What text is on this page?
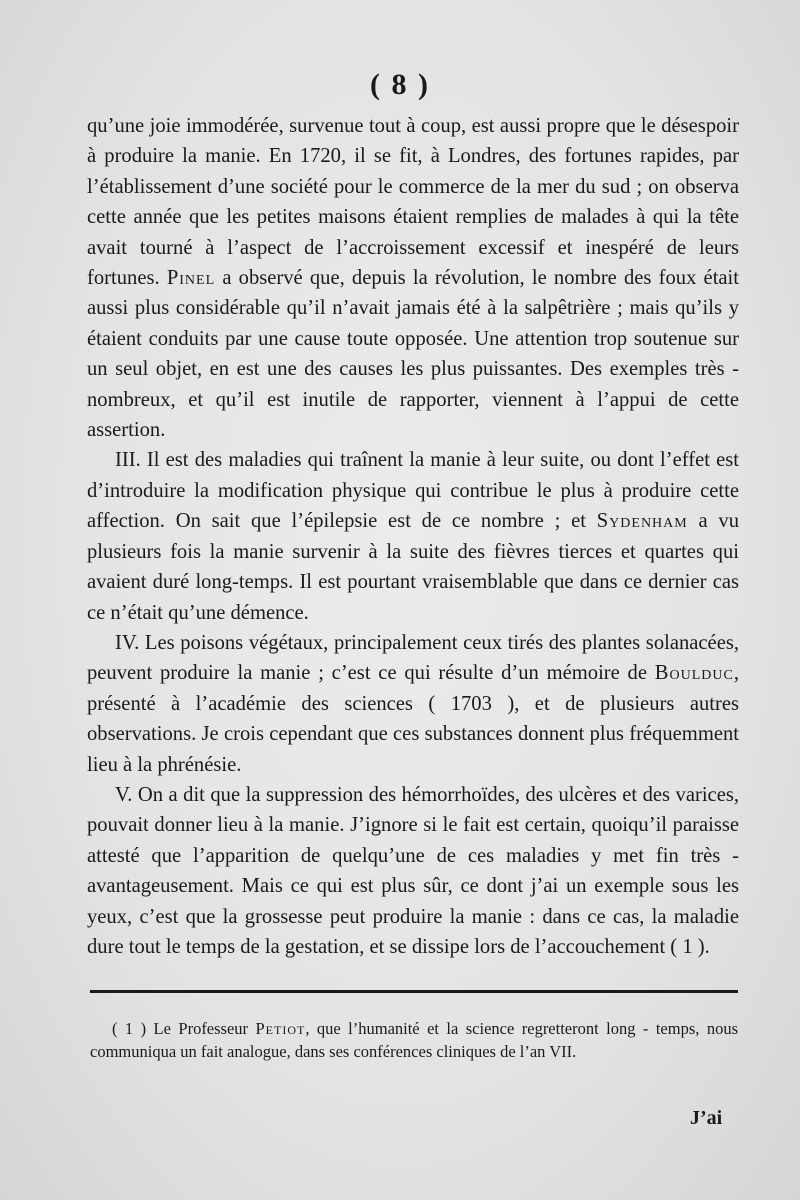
( 8 )

qu’une joie immodérée, survenue tout à coup, est aussi propre que le désespoir à produire la manie. En 1720, il se fit, à Londres, des fortunes rapides, par l’établissement d’une société pour le commerce de la mer du sud ; on observa cette année que les petites maisons étaient remplies de malades à qui la tête avait tourné à l’aspect de l’accroissement excessif et inespéré de leurs fortunes. Pinel a observé que, depuis la révolution, le nombre des foux était aussi plus considérable qu’il n’avait jamais été à la salpêtrière ; mais qu’ils y étaient conduits par une cause toute opposée. Une attention trop soutenue sur un seul objet, en est une des causes les plus puissantes. Des exemples très - nombreux, et qu’il est inutile de rapporter, viennent à l’appui de cette assertion.

III. Il est des maladies qui traînent la manie à leur suite, ou dont l’effet est d’introduire la modification physique qui contribue le plus à produire cette affection. On sait que l’épilepsie est de ce nombre ; et Sydenham a vu plusieurs fois la manie survenir à la suite des fièvres tierces et quartes qui avaient duré long-temps. Il est pourtant vraisemblable que dans ce dernier cas ce n’était qu’une démence.

IV. Les poisons végétaux, principalement ceux tirés des plantes solanacées, peuvent produire la manie ; c’est ce qui résulte d’un mémoire de Boulduc, présenté à l’académie des sciences ( 1703 ), et de plusieurs autres observations. Je crois cependant que ces substances donnent plus fréquemment lieu à la phrénésie.

V. On a dit que la suppression des hémorrhoïdes, des ulcères et des varices, pouvait donner lieu à la manie. J’ignore si le fait est certain, quoiqu’il paraisse attesté que l’apparition de quelqu’une de ces maladies y met fin très - avantageusement. Mais ce qui est plus sûr, ce dont j’ai un exemple sous les yeux, c’est que la grossesse peut produire la manie : dans ce cas, la maladie dure tout le temps de la gestation, et se dissipe lors de l’accouchement ( 1 ).

( 1 ) Le Professeur Petiot, que l’humanité et la science regretteront long - temps, nous communiqua un fait analogue, dans ses conférences cliniques de l’an VII.
J’ai
